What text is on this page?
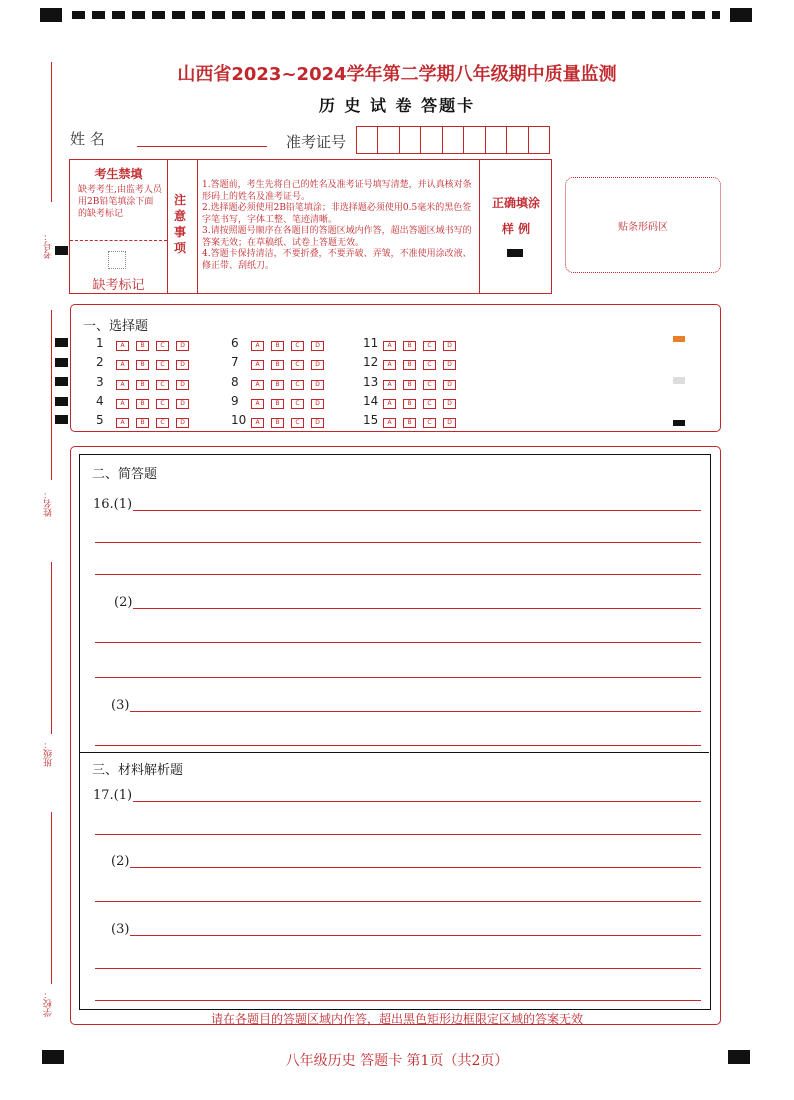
山西省2023~2024学年第二学期八年级期中质量监测
历 史 试 卷 答题卡
姓 名	准考证号
考生禁填
缺考考生,由监考人员用2B铅笔填涂下面的缺考标记
缺考标记
注意事项
1.答题前，考生先将自己的姓名及准考证号填写清楚，并认真核对条形码上的姓名及准考证号。
2.选择题必须使用2B铅笔填涂；非选择题必须使用0.5毫米的黑色签字笔书写，字体工整、笔迹清晰。
3.请按照题号顺序在各题目的答题区域内作答，超出答题区域书写的答案无效；在草稿纸、试卷上答题无效。
4.答题卡保持清洁，不要折叠，不要弄破、弄皱，不准使用涂改液、修正带、刮纸刀。
正确填涂
样 例	贴条形码区
考号：
姓名：
班级：
学校：
一、选择题
1	A	B	C	D
2	A	B	C	D
3	A	B	C	D
4	A	B	C	D
5	A	B	C	D
6	A	B	C	D
7	A	B	C	D
8	A	B	C	D
9	A	B	C	D
10 A	B	C	D
11 A	B	C	D
12 A	B	C	D
13 A	B	C	D
14 A	B	C	D
15 A	B	C	D
二、简答题
16.(1)
(2)
(3)
三、材料解析题
17.(1)
(2)
(3)
请在各题目的答题区域内作答，超出黑色矩形边框限定区域的答案无效
八年级历史 答题卡 第1页（共2页）
